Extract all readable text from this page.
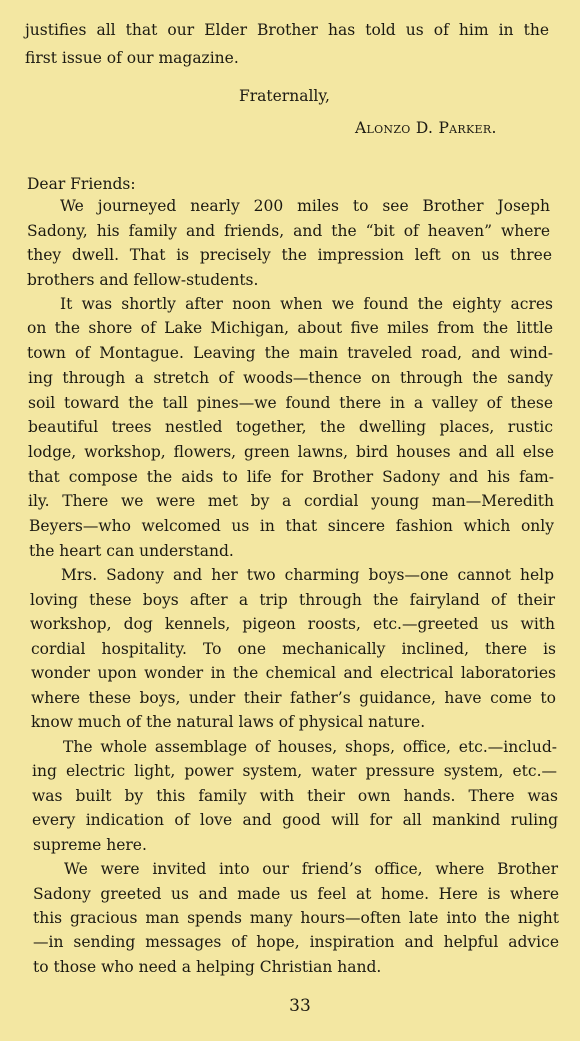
justifies all that our Elder Brother has told us of him in the
first issue of our magazine.
Fraternally,
Alonzo D. Parker.
Dear Friends:
We journeyed nearly 200 miles to see Brother Joseph
Sadony, his family and friends, and the “bit of heaven” where
they dwell. That is precisely the impression left on us three
brothers and fellow-students.
It was shortly after noon when we found the eighty acres
on the shore of Lake Michigan, about five miles from the little
town of Montague. Leaving the main traveled road, and wind-
ing through a stretch of woods—thence on through the sandy
soil toward the tall pines—we found there in a valley of these
beautiful trees nestled together, the dwelling places, rustic
lodge, workshop, flowers, green lawns, bird houses and all else
that compose the aids to life for Brother Sadony and his fam-
ily. There we were met by a cordial young man—Meredith
Beyers—who welcomed us in that sincere fashion which only
the heart can understand.
Mrs. Sadony and her two charming boys—one cannot help
loving these boys after a trip through the fairyland of their
workshop, dog kennels, pigeon roosts, etc.—greeted us with
cordial hospitality. To one mechanically inclined, there is
wonder upon wonder in the chemical and electrical laboratories
where these boys, under their father’s guidance, have come to
know much of the natural laws of physical nature.
The whole assemblage of houses, shops, office, etc.—includ-
ing electric light, power system, water pressure system, etc.—
was built by this family with their own hands. There was
every indication of love and good will for all mankind ruling
supreme here.
We were invited into our friend’s office, where Brother
Sadony greeted us and made us feel at home. Here is where
this gracious man spends many hours—often late into the night
—in sending messages of hope, inspiration and helpful advice
to those who need a helping Christian hand.
33
